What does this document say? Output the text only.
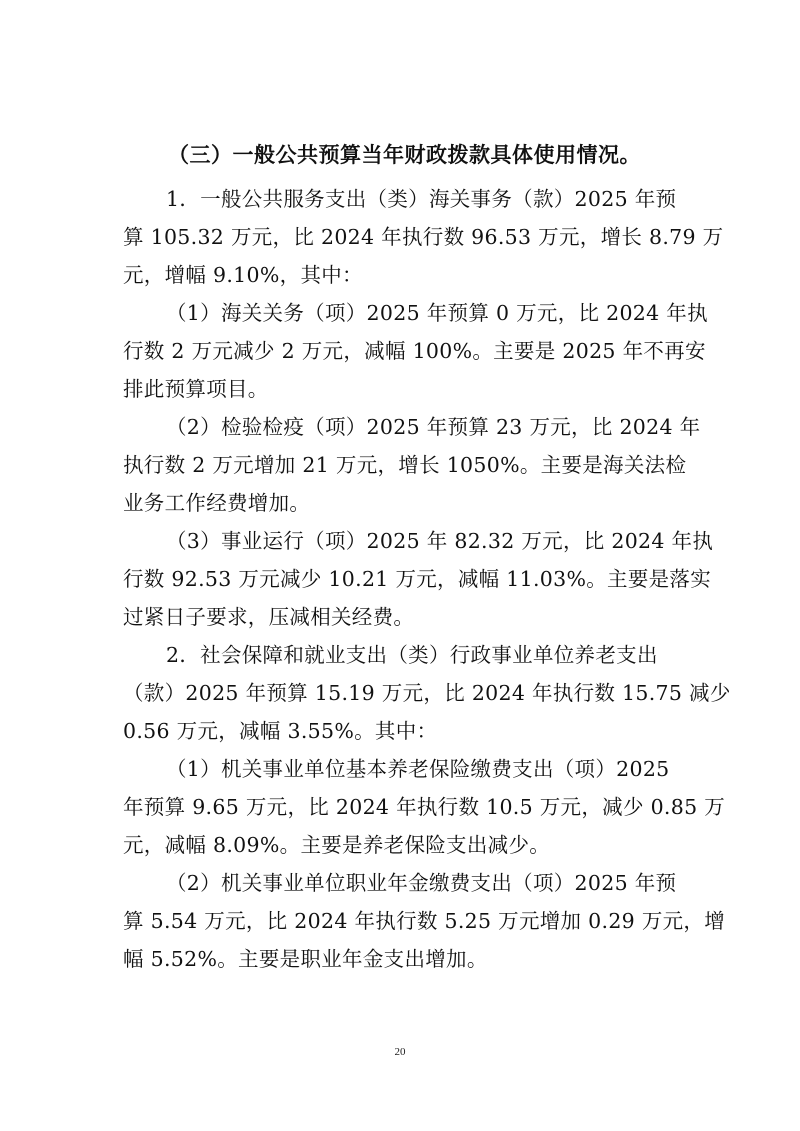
（三）一般公共预算当年财政拨款具体使用情况。
1．一般公共服务支出（类）海关事务（款）2025 年预
算 105.32 万元，比 2024 年执行数 96.53 万元，增长 8.79 万
元，增幅 9.10%，其中：
（1）海关关务（项）2025 年预算 0 万元，比 2024 年执
行数 2 万元减少 2 万元，减幅 100%。主要是 2025 年不再安
排此预算项目。
（2）检验检疫（项）2025 年预算 23 万元，比 2024 年
执行数 2 万元增加 21 万元，增长 1050%。主要是海关法检
业务工作经费增加。
（3）事业运行（项）2025 年 82.32 万元，比 2024 年执
行数 92.53 万元减少 10.21 万元，减幅 11.03%。主要是落实
过紧日子要求，压减相关经费。
2．社会保障和就业支出（类）行政事业单位养老支出
（款）2025 年预算 15.19 万元，比 2024 年执行数 15.75 减少
0.56 万元，减幅 3.55%。其中：
（1）机关事业单位基本养老保险缴费支出（项）2025
年预算 9.65 万元，比 2024 年执行数 10.5 万元，减少 0.85 万
元，减幅 8.09%。主要是养老保险支出减少。
（2）机关事业单位职业年金缴费支出（项）2025 年预
算 5.54 万元，比 2024 年执行数 5.25 万元增加 0.29 万元，增
幅 5.52%。主要是职业年金支出增加。
20
